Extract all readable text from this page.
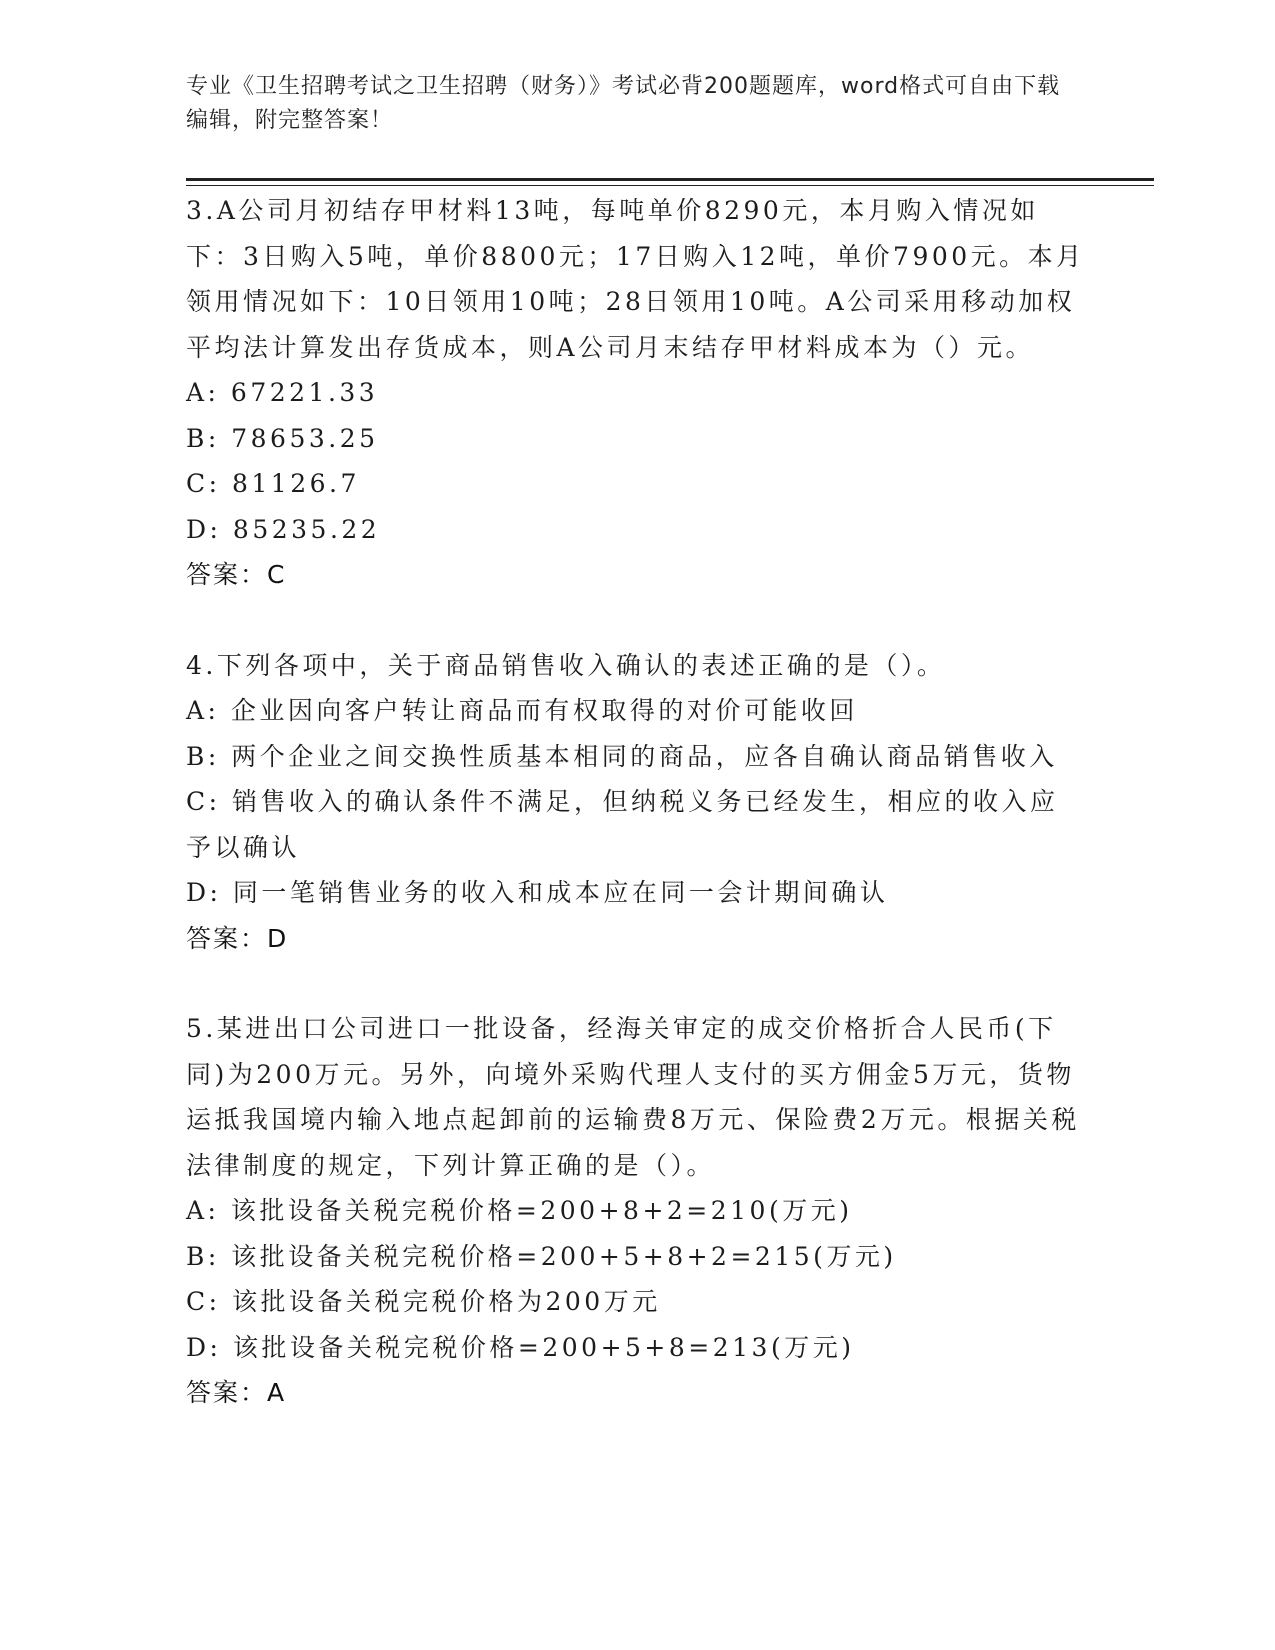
专业《卫生招聘考试之卫生招聘（财务）》考试必背200题题库，word格式可自由下载编辑，附完整答案！

3.A公司月初结存甲材料13吨，每吨单价8290元，本月购入情况如下：3日购入5吨，单价8800元；17日购入12吨，单价7900元。本月领用情况如下：10日领用10吨；28日领用10吨。A公司采用移动加权平均法计算发出存货成本，则A公司月末结存甲材料成本为（）元。

A: 67221.33

B: 78653.25

C: 81126.7

D: 85235.22

答案：C

4.下列各项中，关于商品销售收入确认的表述正确的是（）。

A: 企业因向客户转让商品而有权取得的对价可能收回

B: 两个企业之间交换性质基本相同的商品，应各自确认商品销售收入

C: 销售收入的确认条件不满足，但纳税义务已经发生，相应的收入应予以确认

D: 同一笔销售业务的收入和成本应在同一会计期间确认

答案：D

5.某进出口公司进口一批设备，经海关审定的成交价格折合人民币(下同)为200万元。另外，向境外采购代理人支付的买方佣金5万元，货物运抵我国境内输入地点起卸前的运输费8万元、保险费2万元。根据关税法律制度的规定，下列计算正确的是（）。

A: 该批设备关税完税价格=200+8+2=210(万元)

B: 该批设备关税完税价格=200+5+8+2=215(万元)

C: 该批设备关税完税价格为200万元

D: 该批设备关税完税价格=200+5+8=213(万元)

答案：A
